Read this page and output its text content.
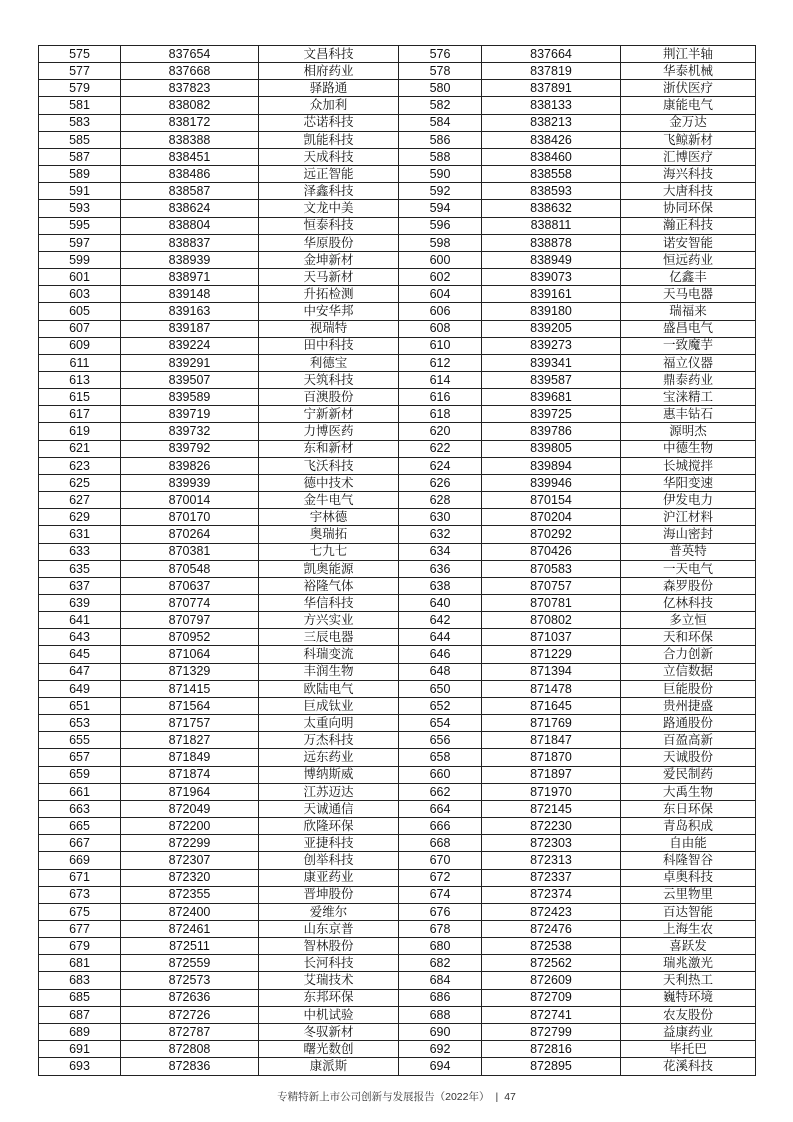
575	837654	文昌科技	576	837664	荆江半轴
577	837668	相府药业	578	837819	华泰机械
579	837823	驿路通	580	837891	浙伏医疗
581	838082	众加利	582	838133	康能电气
583	838172	芯诺科技	584	838213	金万达
585	838388	凯能科技	586	838426	飞鲸新材
587	838451	天成科技	588	838460	汇博医疗
589	838486	远正智能	590	838558	海兴科技
591	838587	泽鑫科技	592	838593	大唐科技
593	838624	文龙中美	594	838632	协同环保
595	838804	恒泰科技	596	838811	瀚正科技
597	838837	华原股份	598	838878	诺安智能
599	838939	金坤新材	600	838949	恒远药业
601	838971	天马新材	602	839073	亿鑫丰
603	839148	升拓检测	604	839161	天马电器
605	839163	中安华邦	606	839180	瑞福来
607	839187	视瑞特	608	839205	盛昌电气
609	839224	田中科技	610	839273	一致魔芋
611	839291	利德宝	612	839341	福立仪器
613	839507	天筑科技	614	839587	鼎泰药业
615	839589	百澳股份	616	839681	宝涞精工
617	839719	宁新新材	618	839725	惠丰钻石
619	839732	力博医药	620	839786	源明杰
621	839792	东和新材	622	839805	中德生物
623	839826	飞沃科技	624	839894	长城搅拌
625	839939	德中技术	626	839946	华阳变速
627	870014	金牛电气	628	870154	伊发电力
629	870170	宇林德	630	870204	沪江材料
631	870264	奥瑞拓	632	870292	海山密封
633	870381	七九七	634	870426	普英特
635	870548	凯奥能源	636	870583	一天电气
637	870637	裕隆气体	638	870757	森罗股份
639	870774	华信科技	640	870781	亿林科技
641	870797	方兴实业	642	870802	多立恒
643	870952	三辰电器	644	871037	天和环保
645	871064	科瑞变流	646	871229	合力创新
647	871329	丰润生物	648	871394	立信数据
649	871415	欧陆电气	650	871478	巨能股份
651	871564	巨成钛业	652	871645	贵州捷盛
653	871757	太重向明	654	871769	路通股份
655	871827	万杰科技	656	871847	百盈高新
657	871849	远东药业	658	871870	天诚股份
659	871874	博纳斯威	660	871897	爱民制药
661	871964	江苏迈达	662	871970	大禹生物
663	872049	天诚通信	664	872145	东日环保
665	872200	欣隆环保	666	872230	青岛积成
667	872299	亚捷科技	668	872303	自由能
669	872307	创举科技	670	872313	科隆智谷
671	872320	康亚药业	672	872337	卓奥科技
673	872355	晋坤股份	674	872374	云里物里
675	872400	爱维尔	676	872423	百达智能
677	872461	山东京普	678	872476	上海生农
679	872511	智林股份	680	872538	喜跃发
681	872559	长河科技	682	872562	瑞兆激光
683	872573	艾瑞技术	684	872609	天利热工
685	872636	东邦环保	686	872709	巍特环境
687	872726	中机试验	688	872741	农友股份
689	872787	冬驭新材	690	872799	益康药业
691	872808	曙光数创	692	872816	毕托巴
693	872836	康派斯	694	872895	花溪科技
专精特新上市公司创新与发展报告（2022年） | 47
